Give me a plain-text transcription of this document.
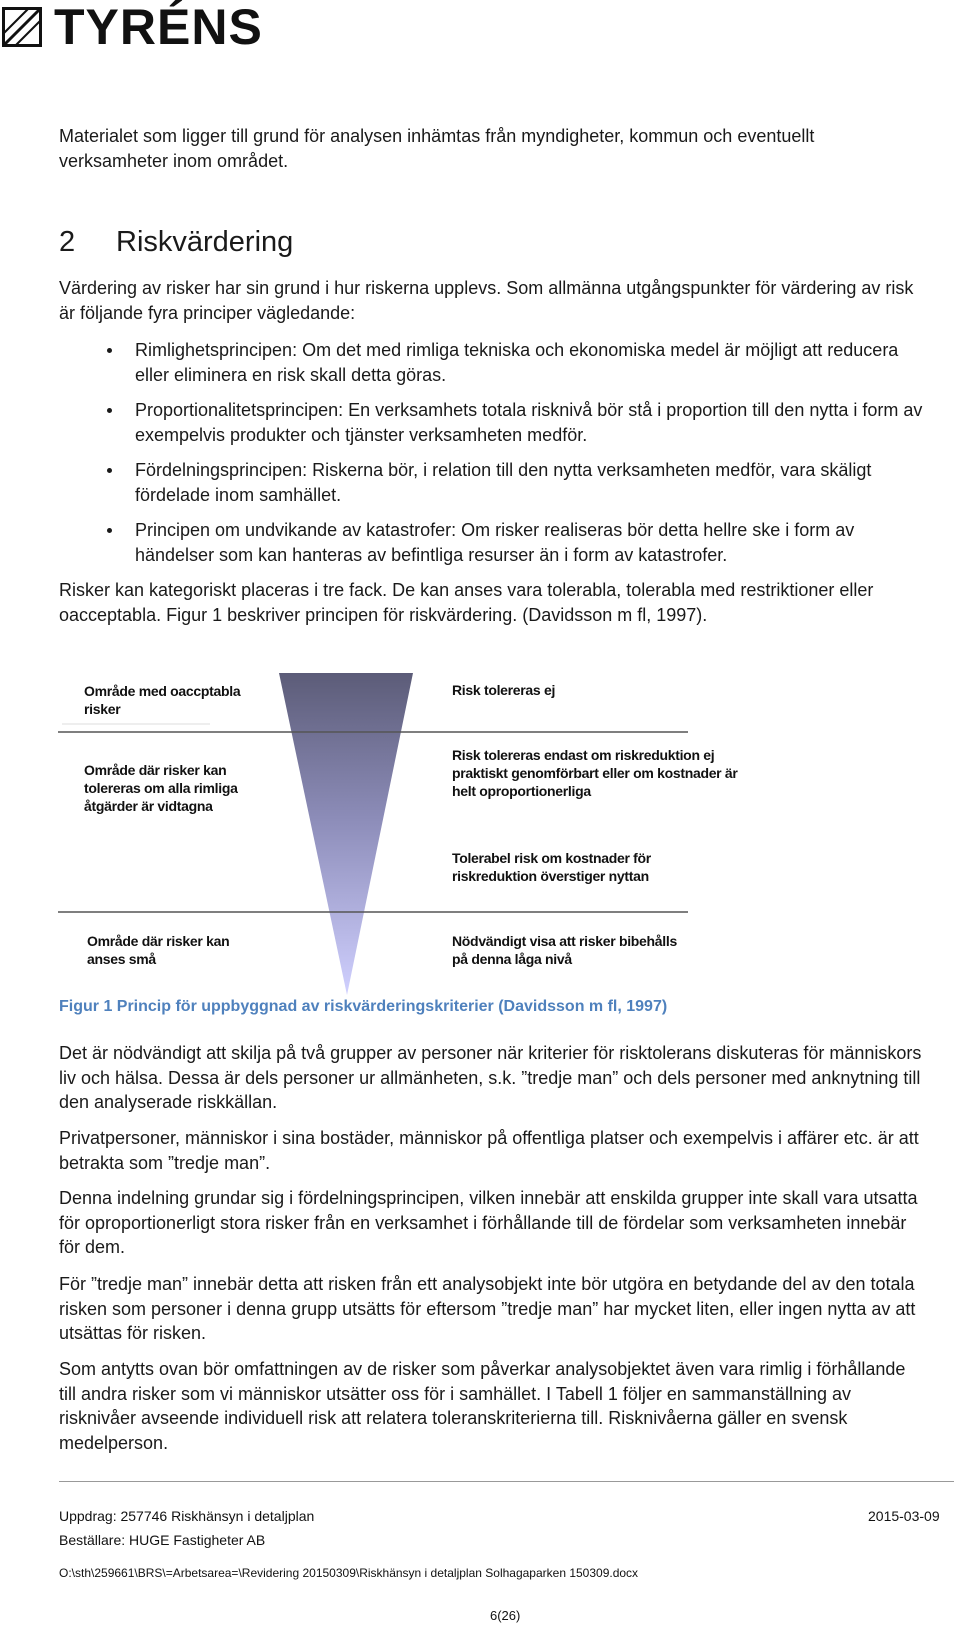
TYRÉNS
Materialet som ligger till grund för analysen inhämtas från myndigheter, kommun och eventuellt verksamheter inom området.
2 Riskvärdering
Värdering av risker har sin grund i hur riskerna upplevs. Som allmänna utgångspunkter för värdering av risk är följande fyra principer vägledande:
Rimlighetsprincipen: Om det med rimliga tekniska och ekonomiska medel är möjligt att reducera eller eliminera en risk skall detta göras.
Proportionalitetsprincipen: En verksamhets totala risknivå bör stå i proportion till den nytta i form av exempelvis produkter och tjänster verksamheten medför.
Fördelningsprincipen: Riskerna bör, i relation till den nytta verksamheten medför, vara skäligt fördelade inom samhället.
Principen om undvikande av katastrofer: Om risker realiseras bör detta hellre ske i form av händelser som kan hanteras av befintliga resurser än i form av katastrofer.
Risker kan kategoriskt placeras i tre fack. De kan anses vara tolerabla, tolerabla med restriktioner eller oacceptabla. Figur 1 beskriver principen för riskvärdering. (Davidsson m fl, 1997).
Område med oaccptabla risker
Område där risker kan tolereras om alla rimliga åtgärder är vidtagna
Område där risker kan anses små
Risk tolereras ej
Risk tolereras endast om riskreduktion ej praktiskt genomförbart eller om kostnader är helt oproportionerliga
Tolerabel risk om kostnader för riskreduktion överstiger nyttan
Nödvändigt visa att risker bibehålls på denna låga nivå
Figur 1 Princip för uppbyggnad av riskvärderingskriterier (Davidsson m fl, 1997)
Det är nödvändigt att skilja på två grupper av personer när kriterier för risktolerans diskuteras för människors liv och hälsa. Dessa är dels personer ur allmänheten, s.k. ”tredje man” och dels personer med anknytning till den analyserade riskkällan.
Privatpersoner, människor i sina bostäder, människor på offentliga platser och exempelvis i affärer etc. är att betrakta som ”tredje man”.
Denna indelning grundar sig i fördelningsprincipen, vilken innebär att enskilda grupper inte skall vara utsatta för oproportionerligt stora risker från en verksamhet i förhållande till de fördelar som verksamheten innebär för dem.
För ”tredje man” innebär detta att risken från ett analysobjekt inte bör utgöra en betydande del av den totala risken som personer i denna grupp utsätts för eftersom ”tredje man” har mycket liten, eller ingen nytta av att utsättas för risken.
Som antytts ovan bör omfattningen av de risker som påverkar analysobjektet även vara rimlig i förhållande till andra risker som vi människor utsätter oss för i samhället. I Tabell 1 följer en sammanställning av risknivåer avseende individuell risk att relatera toleranskriterierna till. Risknivåerna gäller en svensk medelperson.
Uppdrag: 257746 Riskhänsyn i detaljplan	2015-03-09
Beställare: HUGE Fastigheter AB
O:\sth\259661\BRS\=Arbetsarea=\Revidering 20150309\Riskhänsyn i detaljplan Solhagaparken 150309.docx
6(26)
